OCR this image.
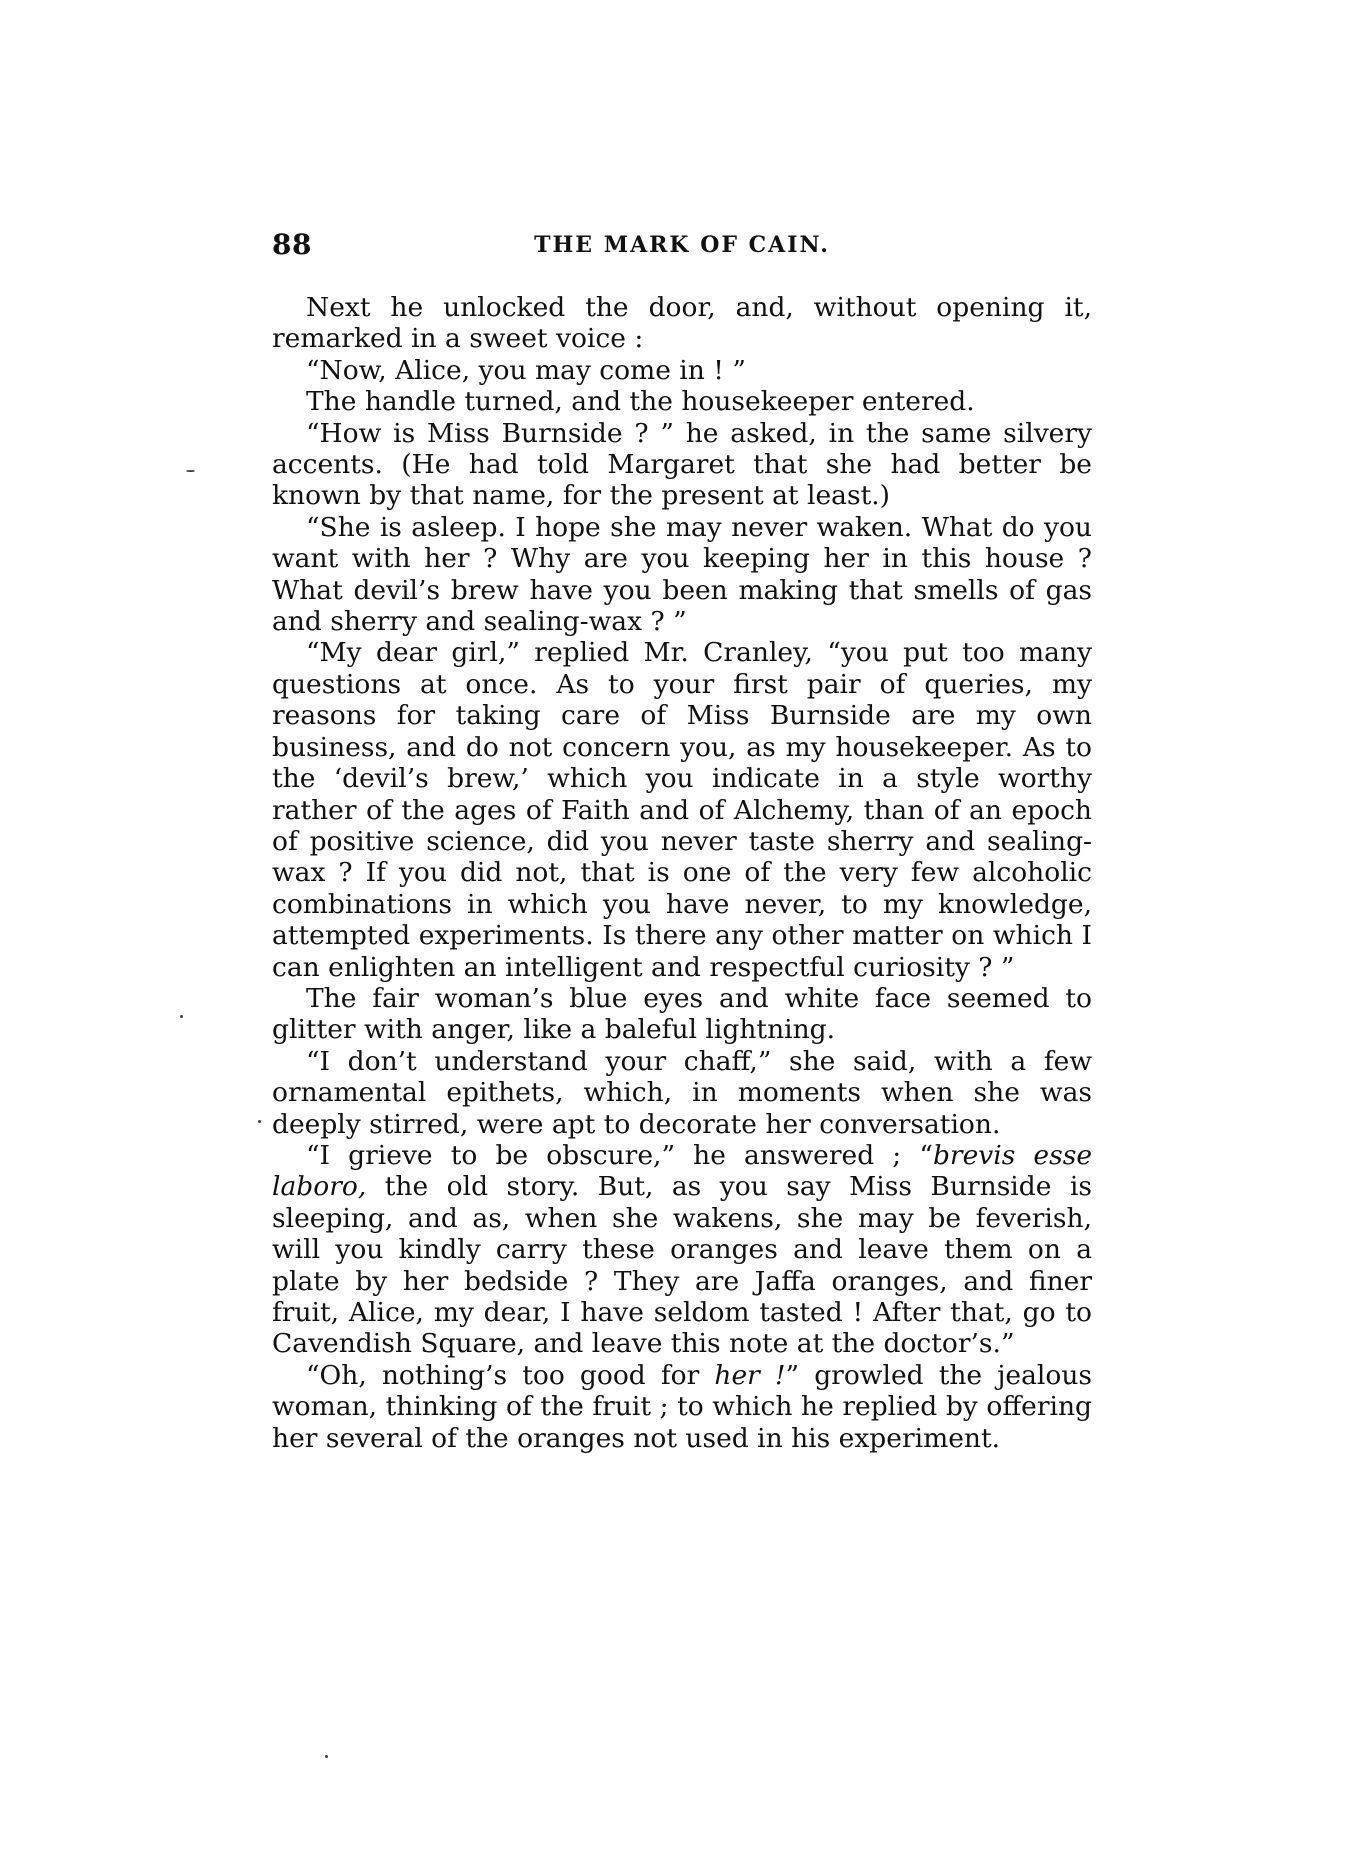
88	THE MARK OF CAIN.

Next he unlocked the door, and, without opening it, remarked in a sweet voice :

“Now, Alice, you may come in ! ”

The handle turned, and the housekeeper entered.

“How is Miss Burnside ? ” he asked, in the same silvery accents. (He had told Margaret that she had better be known by that name, for the present at least.)

“She is asleep. I hope she may never waken. What do you want with her ? Why are you keeping her in this house ? What devil’s brew have you been making that smells of gas and sherry and sealing-wax ? ”

“My dear girl,” replied Mr. Cranley, “you put too many questions at once. As to your first pair of queries, my reasons for taking care of Miss Burnside are my own business, and do not concern you, as my housekeeper. As to the ‘devil’s brew,’ which you indicate in a style worthy rather of the ages of Faith and of Alchemy, than of an epoch of positive science, did you never taste sherry and sealing-wax ? If you did not, that is one of the very few alcoholic combinations in which you have never, to my knowledge, attempted experiments. Is there any other matter on which I can enlighten an intelligent and respectful curiosity ? ”

The fair woman’s blue eyes and white face seemed to glitter with anger, like a baleful lightning.

“I don’t understand your chaff,” she said, with a few ornamental epithets, which, in moments when she was deeply stirred, were apt to decorate her conversation.

“I grieve to be obscure,” he answered ; “brevis esse laboro, the old story. But, as you say Miss Burnside is sleeping, and as, when she wakens, she may be feverish, will you kindly carry these oranges and leave them on a plate by her bedside ? They are Jaffa oranges, and finer fruit, Alice, my dear, I have seldom tasted ! After that, go to Cavendish Square, and leave this note at the doctor’s.”

“Oh, nothing’s too good for her !” growled the jealous woman, thinking of the fruit ; to which he replied by offering her several of the oranges not used in his experiment.
